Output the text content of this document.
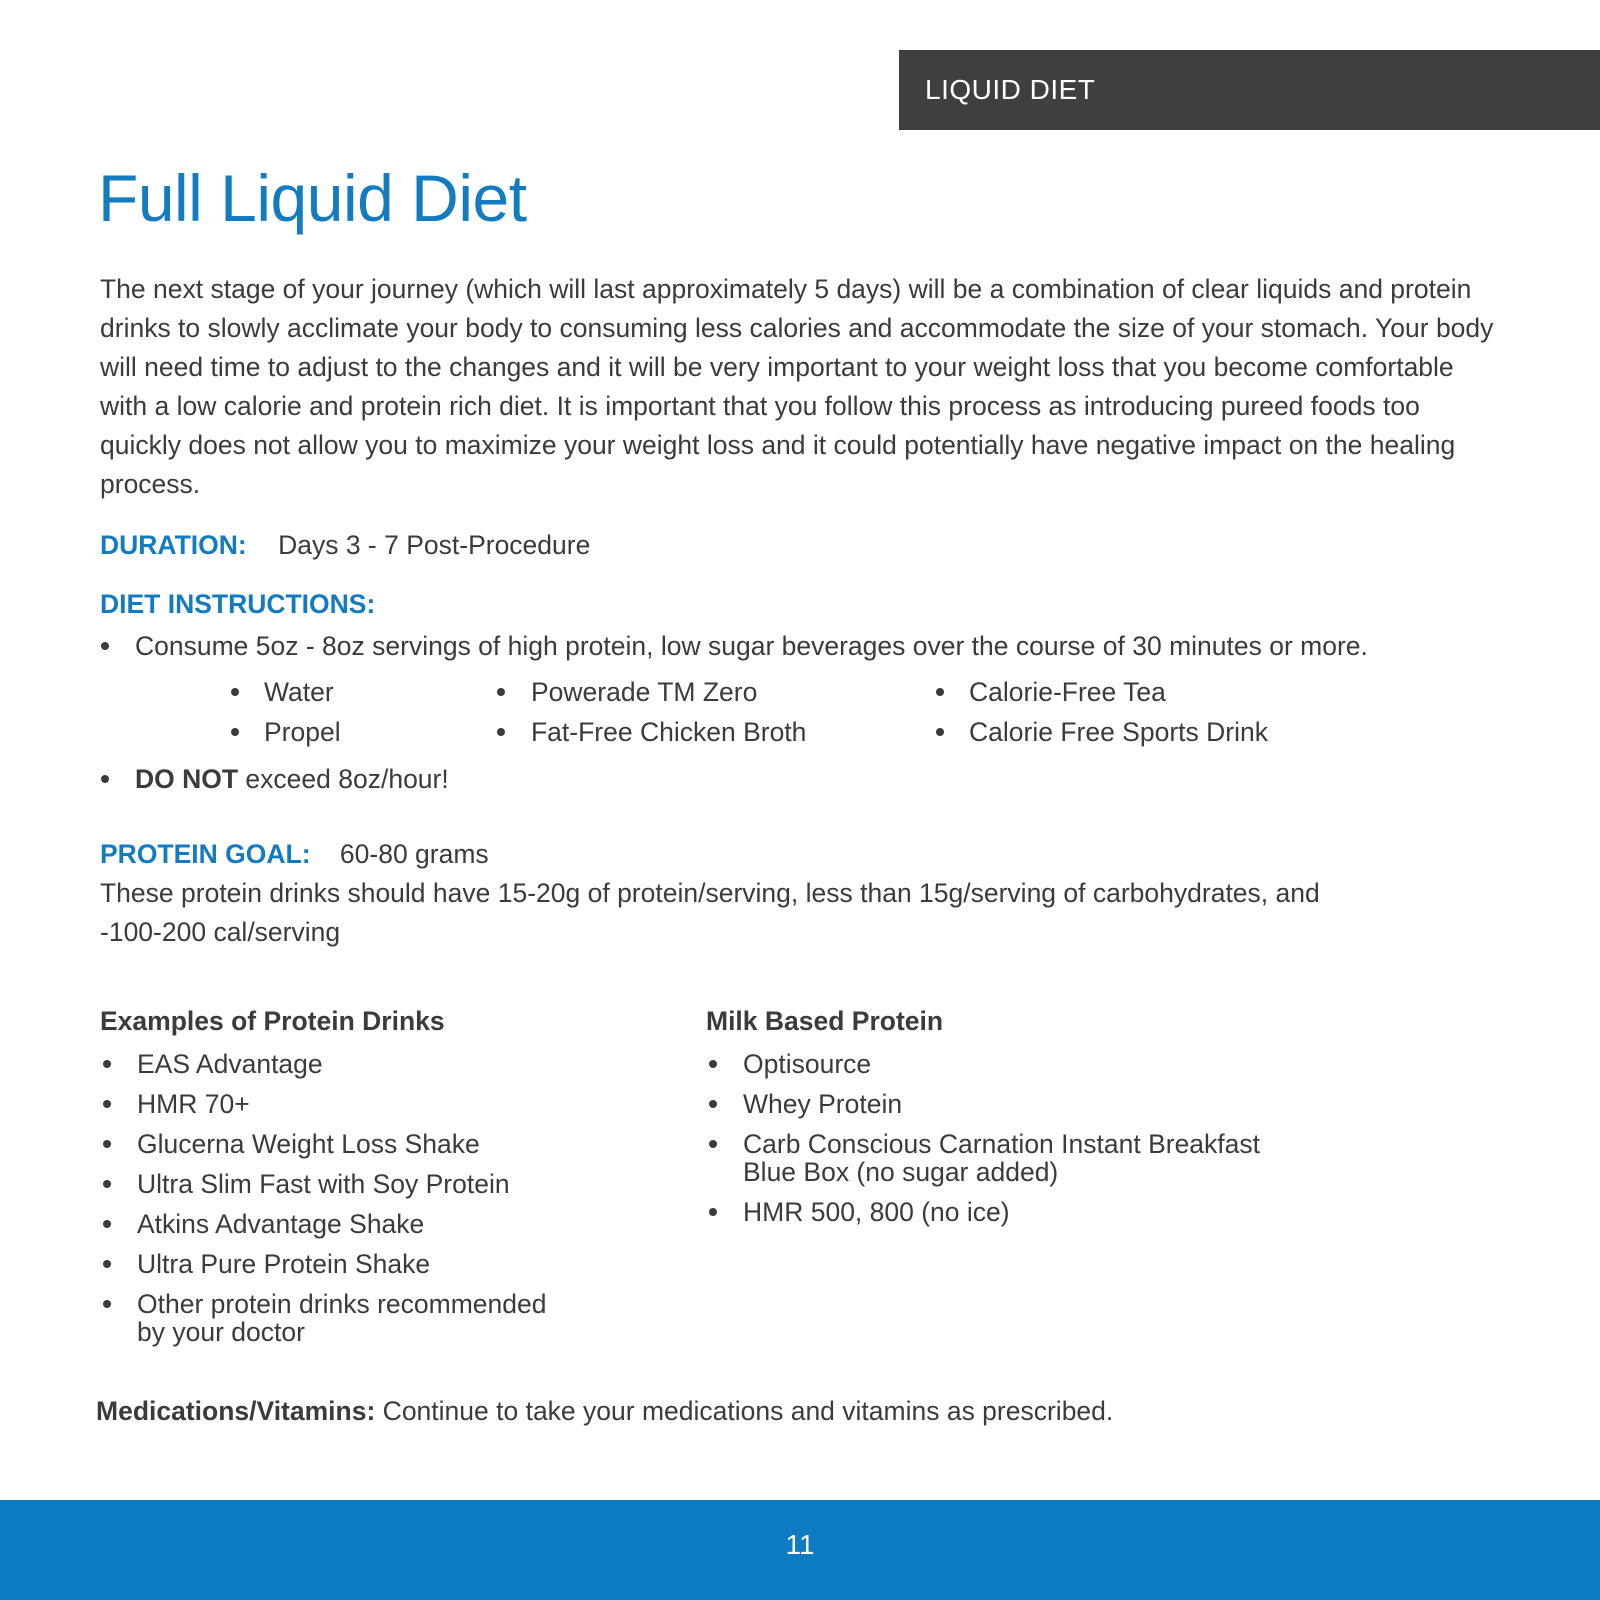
LIQUID DIET
Full Liquid Diet

The next stage of your journey (which will last approximately 5 days) will be a combination of clear liquids and protein drinks to slowly acclimate your body to consuming less calories and accommodate the size of your stomach. Your body will need time to adjust to the changes and it will be very important to your weight loss that you become comfortable with a low calorie and protein rich diet. It is important that you follow this process as introducing pureed foods too quickly does not allow you to maximize your weight loss and it could potentially have negative impact on the healing process.

DURATION: Days 3 - 7 Post-Procedure
DIET INSTRUCTIONS:
Consume 5oz - 8oz servings of high protein, low sugar beverages over the course of 30 minutes or more.
Water
Propel
Powerade TM Zero
Fat-Free Chicken Broth
Calorie-Free Tea
Calorie Free Sports Drink
DO NOT exceed 8oz/hour!
PROTEIN GOAL: 60-80 grams

These protein drinks should have 15-20g of protein/serving, less than 15g/serving of carbohydrates, and -100-200 cal/serving

Examples of Protein Drinks
EAS Advantage
HMR 70+
Glucerna Weight Loss Shake
Ultra Slim Fast with Soy Protein
Atkins Advantage Shake
Ultra Pure Protein Shake
Other protein drinks recommended by your doctor
Milk Based Protein
Optisource
Whey Protein
Carb Conscious Carnation Instant Breakfast Blue Box (no sugar added)
HMR 500, 800 (no ice)
Medications/Vitamins: Continue to take your medications and vitamins as prescribed.
11
